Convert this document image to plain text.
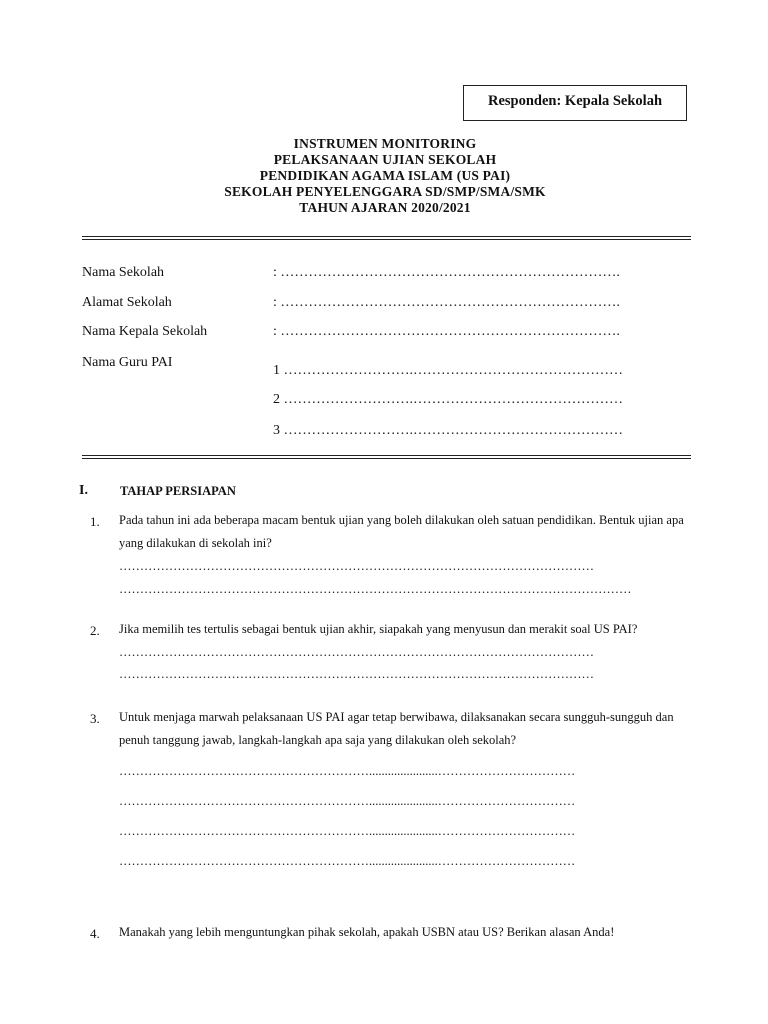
Responden: Kepala Sekolah
INSTRUMEN MONITORING
PELAKSANAAN UJIAN SEKOLAH
PENDIDIKAN AGAMA ISLAM (US PAI)
SEKOLAH PENYELENGGARA SD/SMP/SMA/SMK
TAHUN AJARAN 2020/2021
Nama Sekolah	: ……………………………………………………………….
Alamat Sekolah	: ……………………………………………………………….
Nama Kepala Sekolah	: ……………………………………………………………….
Nama Guru PAI
1 ……………………….………………………………………
2 ……………………….………………………………………
3 ……………………….………………………………………
I.	TAHAP PERSIAPAN
1. Pada tahun ini ada beberapa macam bentuk ujian yang boleh dilakukan oleh satuan pendidikan. Bentuk ujian apa yang dilakukan di sekolah ini?
……………………………………………………………………………………………………
……………………………………………………………………………………………………………
2. Jika memilih tes tertulis sebagai bentuk ujian akhir, siapakah yang menyusun dan merakit soal US PAI?
……………………………………………………………………………………………………
……………………………………………………………………………………………………
3. Untuk menjaga marwah pelaksanaan US PAI agar tetap berwibawa, dilaksanakan secara sungguh-sungguh dan penuh tanggung jawab, langkah-langkah apa saja yang dilakukan oleh sekolah?
……………………………………………………......................……………………………
……………………………………………………......................……………………………
……………………………………………………......................……………………………
……………………………………………………......................……………………………
4. Manakah yang lebih menguntungkan pihak sekolah, apakah USBN atau US? Berikan alasan Anda!
